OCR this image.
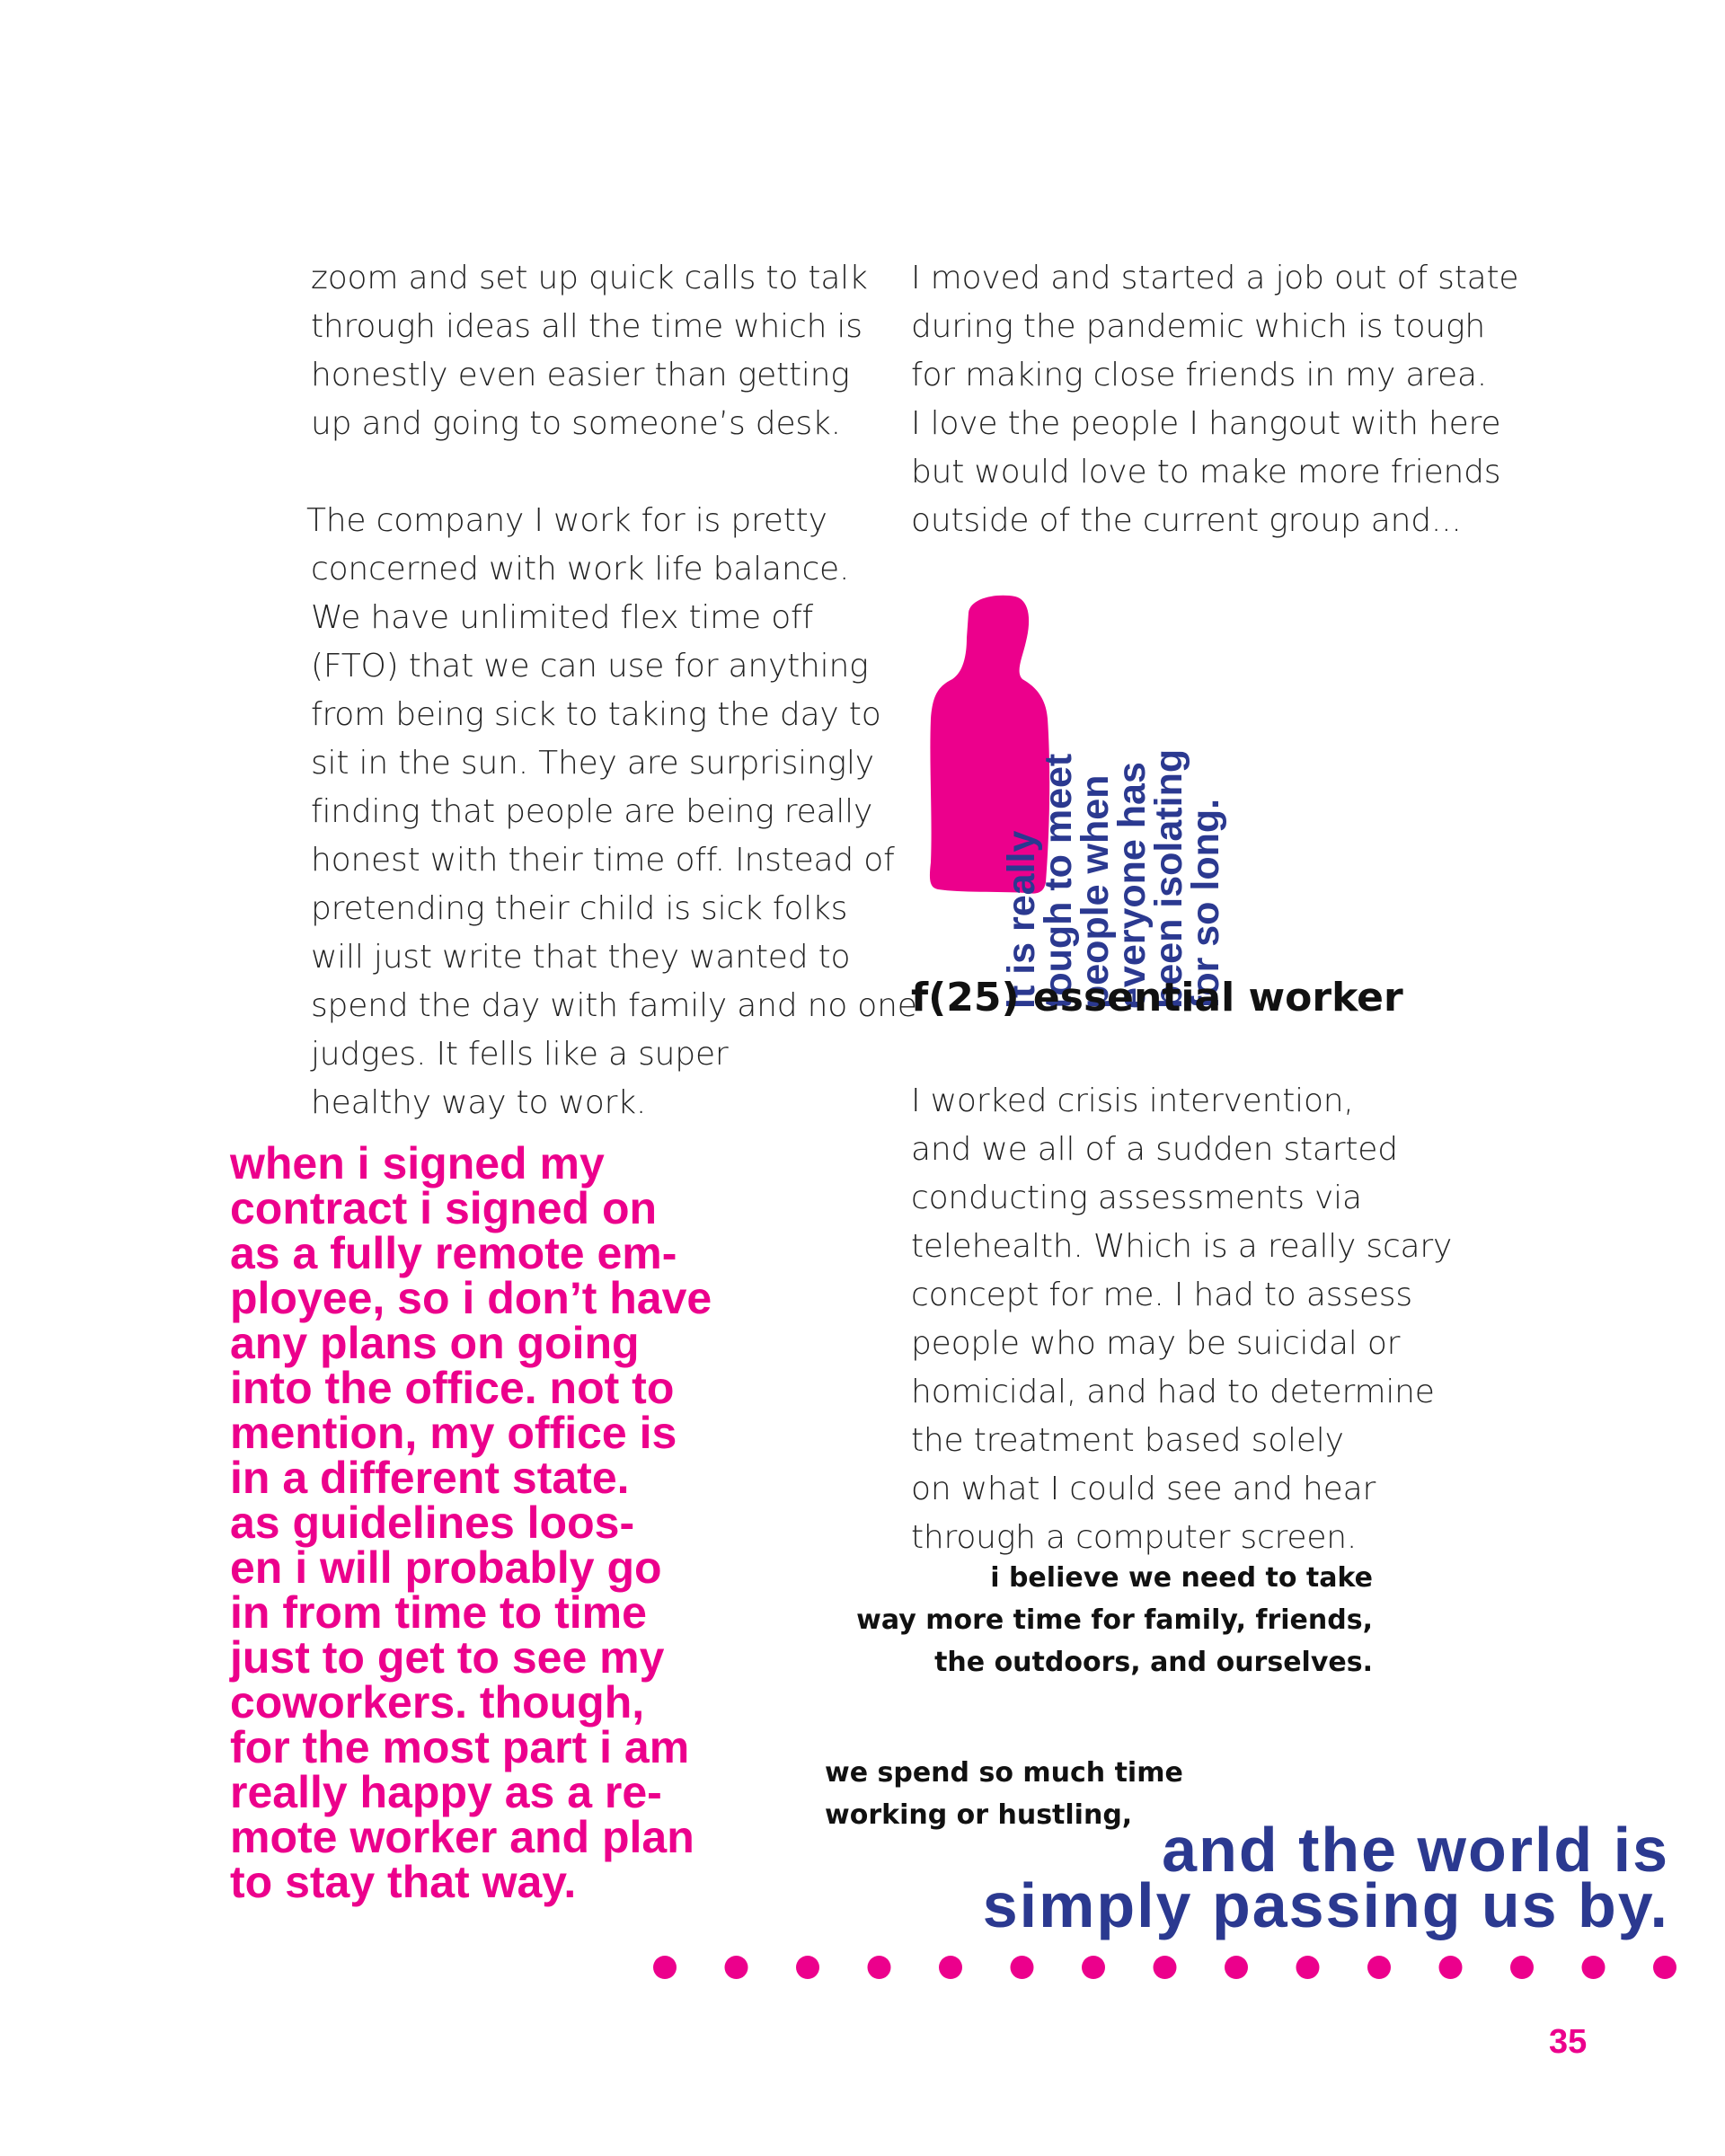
zoom and set up quick calls to talk
through ideas all the time which is
honestly even easier than getting
up and going to someone’s desk.
The company I work for is pretty
concerned with work life balance.
We have unlimited flex time off
(FTO) that we can use for anything
from being sick to taking the day to
sit in the sun. They are surprisingly
finding that people are being really
honest with their time off. Instead of
pretending their child is sick folks
will just write that they wanted to
spend the day with family and no one
judges. It fells like a super
healthy way to work.
when i signed my
contract i signed on
as a fully remote em-
ployee, so i don’t have
any plans on going
into the office. not to
mention, my office is
in a different state.
as guidelines loos-
en i will probably go
in from time to time
just to get to see my
coworkers. though,
for the most part i am
really happy as a re-
mote worker and plan
to stay that way.
I moved and started a job out of state
during the pandemic which is tough
for making close friends in my area.
I love the people I hangout with here
but would love to make more friends
outside of the current group and...
it is really
tough to meet
people when
everyone has
been isolating
for so long.
f(25) essential worker
I worked crisis intervention,
and we all of a sudden started
conducting assessments via
telehealth. Which is a really scary
concept for me. I had to assess
people who may be suicidal or
homicidal, and had to determine
the treatment based solely
on what I could see and hear
through a computer screen.
i believe we need to take
way more time for family, friends,
the outdoors, and ourselves.
we spend so much time
working or hustling, and the world is
simply passing us by.
35
